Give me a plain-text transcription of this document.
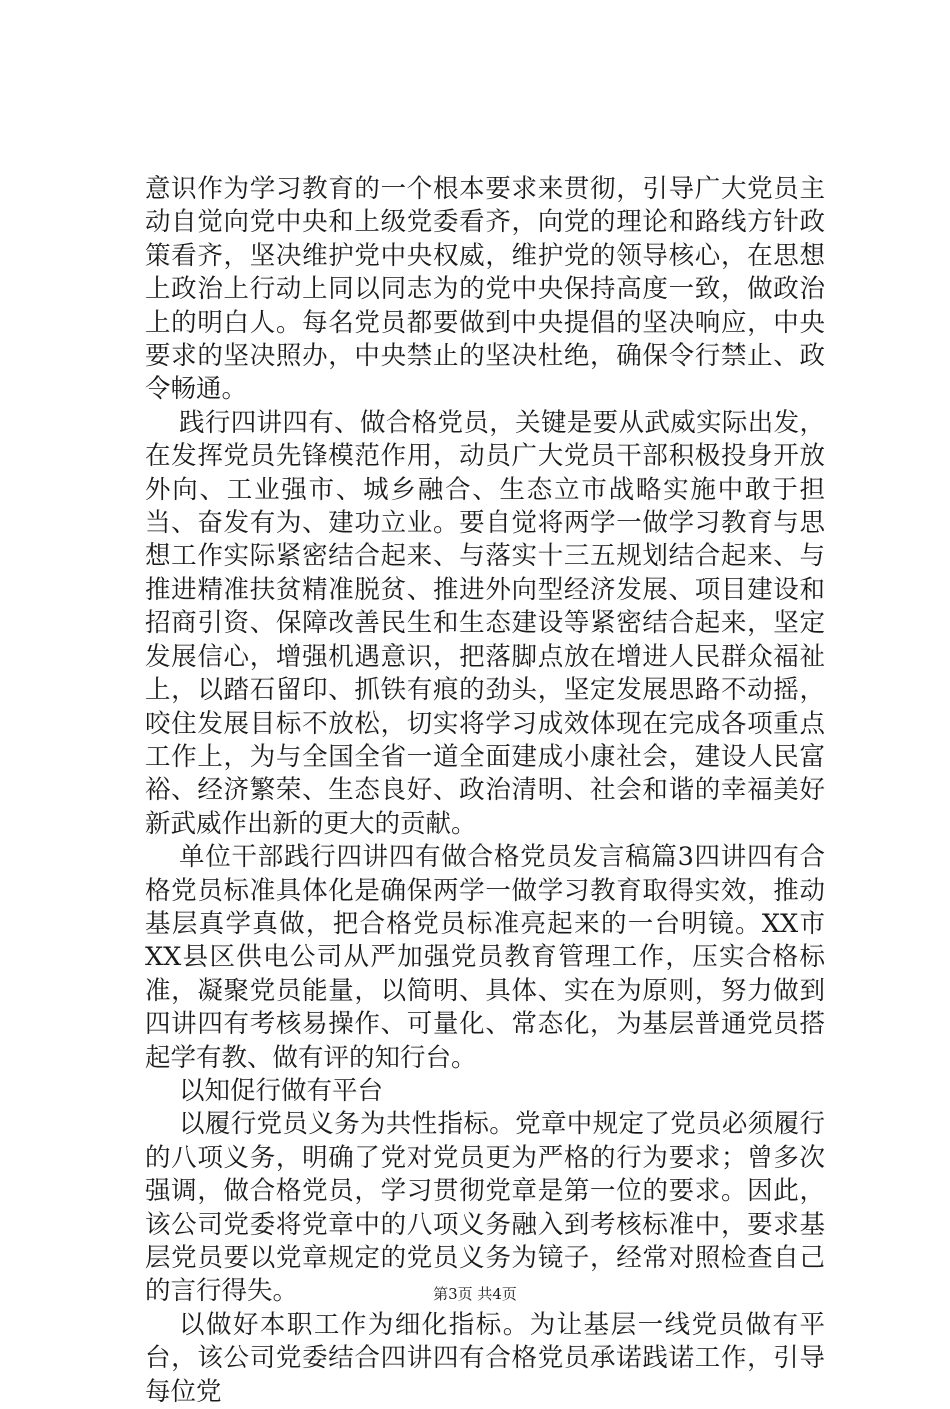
意识作为学习教育的一个根本要求来贯彻，引导广大党员主动自觉向党中央和上级党委看齐，向党的理论和路线方针政策看齐，坚决维护党中央权威，维护党的领导核心，在思想上政治上行动上同以同志为的党中央保持高度一致，做政治上的明白人。每名党员都要做到中央提倡的坚决响应，中央要求的坚决照办，中央禁止的坚决杜绝，确保令行禁止、政令畅通。

践行四讲四有、做合格党员，关键是要从武威实际出发，在发挥党员先锋模范作用，动员广大党员干部积极投身开放外向、工业强市、城乡融合、生态立市战略实施中敢于担当、奋发有为、建功立业。要自觉将两学一做学习教育与思想工作实际紧密结合起来、与落实十三五规划结合起来、与推进精准扶贫精准脱贫、推进外向型经济发展、项目建设和招商引资、保障改善民生和生态建设等紧密结合起来，坚定发展信心，增强机遇意识，把落脚点放在增进人民群众福祉上，以踏石留印、抓铁有痕的劲头，坚定发展思路不动摇，咬住发展目标不放松，切实将学习成效体现在完成各项重点工作上，为与全国全省一道全面建成小康社会，建设人民富裕、经济繁荣、生态良好、政治清明、社会和谐的幸福美好新武威作出新的更大的贡献。

单位干部践行四讲四有做合格党员发言稿篇3四讲四有合格党员标准具体化是确保两学一做学习教育取得实效，推动基层真学真做，把合格党员标准亮起来的一台明镜。XX市XX县区供电公司从严加强党员教育管理工作，压实合格标准，凝聚党员能量，以简明、具体、实在为原则，努力做到四讲四有考核易操作、可量化、常态化，为基层普通党员搭起学有教、做有评的知行台。

以知促行做有平台

以履行党员义务为共性指标。党章中规定了党员必须履行的八项义务，明确了党对党员更为严格的行为要求；曾多次强调，做合格党员，学习贯彻党章是第一位的要求。因此，该公司党委将党章中的八项义务融入到考核标准中，要求基层党员要以党章规定的党员义务为镜子，经常对照检查自己的言行得失。

以做好本职工作为细化指标。为让基层一线党员做有平台，该公司党委结合四讲四有合格党员承诺践诺工作，引导每位党

第3页 共4页
